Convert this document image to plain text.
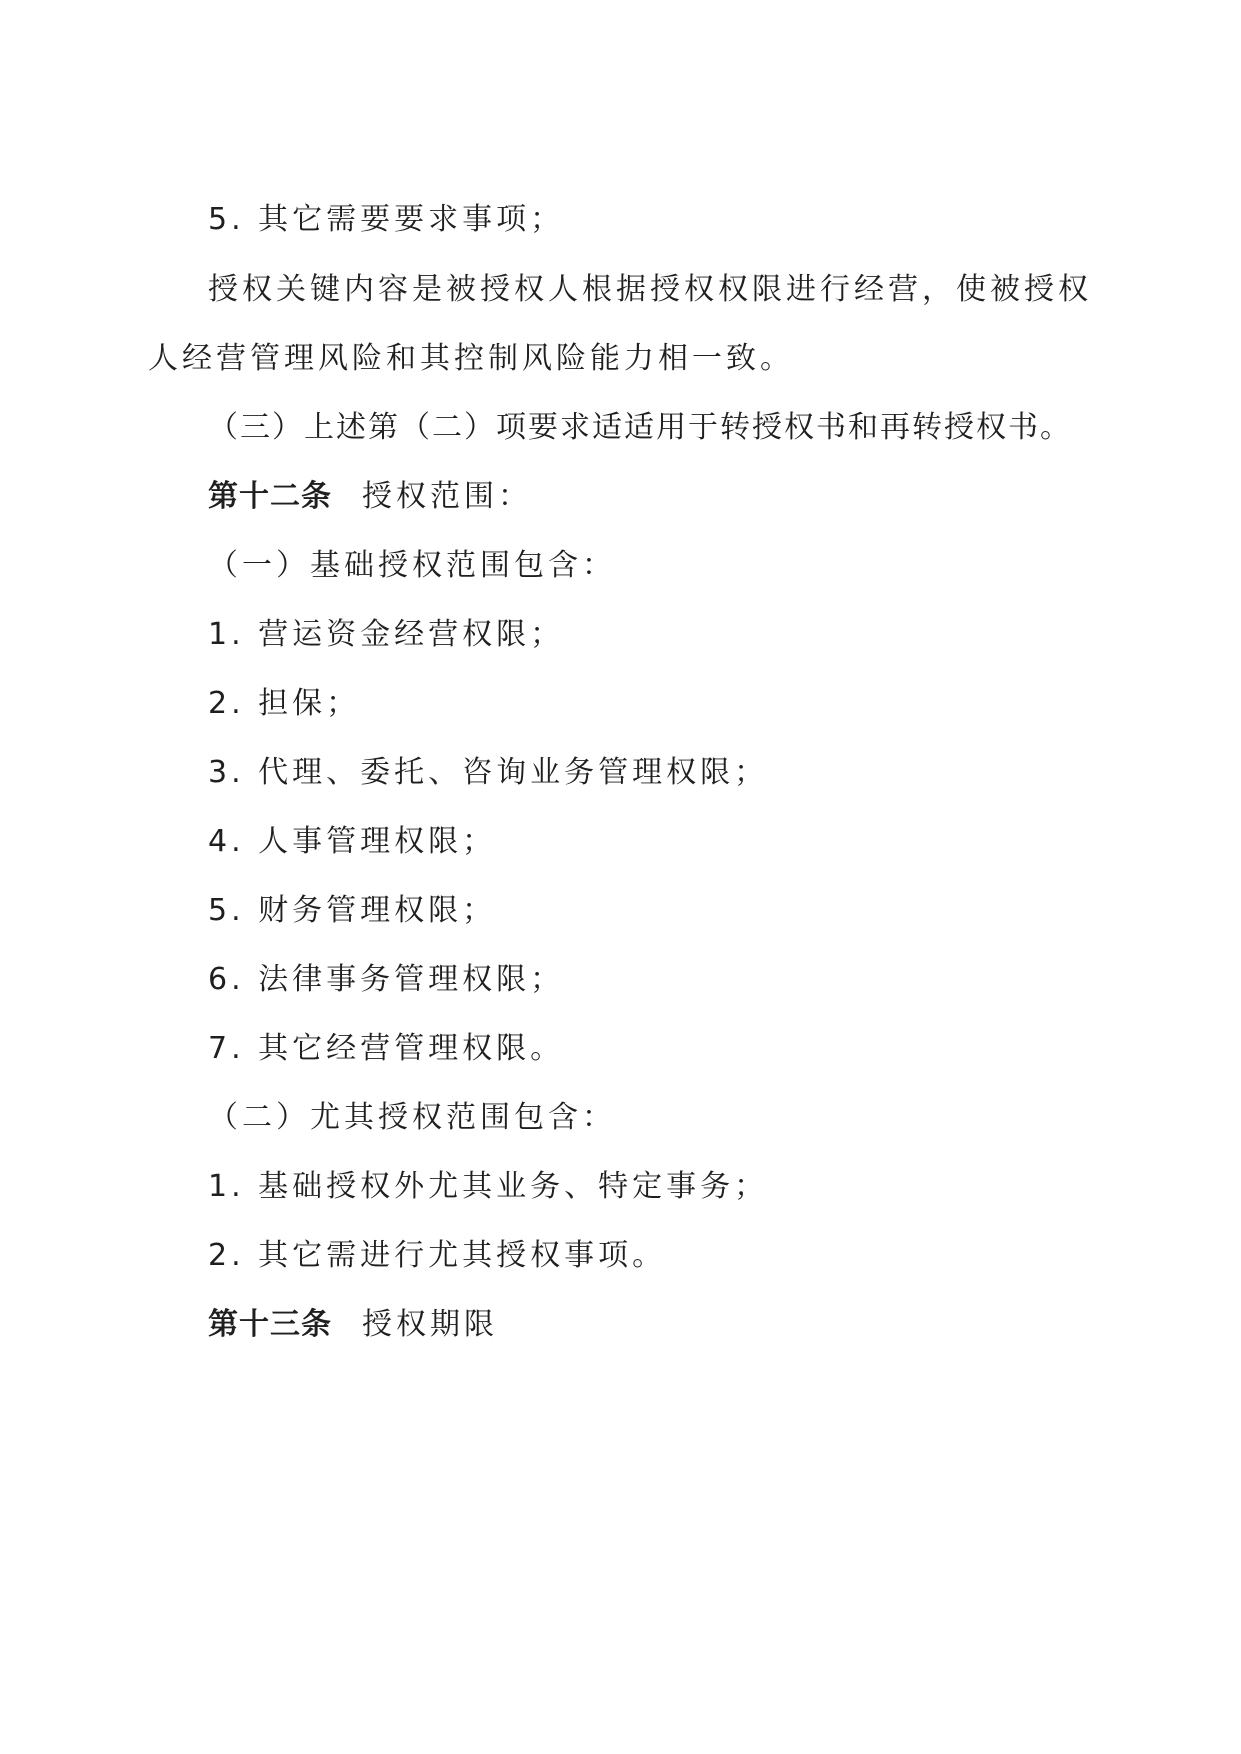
5. 其它需要要求事项；
授权关键内容是被授权人根据授权权限进行经营，使被授权
人经营管理风险和其控制风险能力相一致。
（三）上述第（二）项要求适适用于转授权书和再转授权书。
第十二条 授权范围：
（一）基础授权范围包含：
1. 营运资金经营权限；
2. 担保；
3. 代理、委托、咨询业务管理权限；
4. 人事管理权限；
5. 财务管理权限；
6. 法律事务管理权限；
7. 其它经营管理权限。
（二）尤其授权范围包含：
1. 基础授权外尤其业务、特定事务；
2. 其它需进行尤其授权事项。
第十三条 授权期限
